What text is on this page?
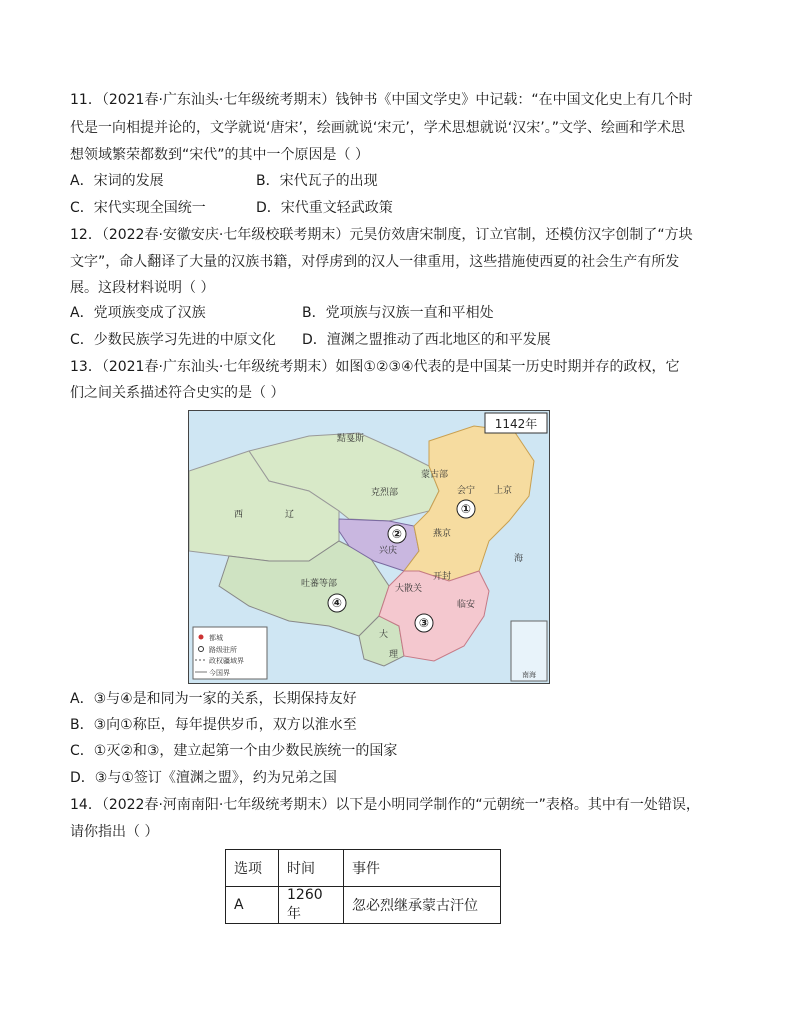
11．（2021春·广东汕头·七年级统考期末）钱钟书《中国文学史》中记载：“在中国文化史上有几个时
代是一向相提并论的，文学就说‘唐宋’，绘画就说‘宋元’，学术思想就说‘汉宋’。”文学、绘画和学术思
想领域繁荣都数到“宋代”的其中一个原因是（ ）
A．宋词的发展	B．宋代瓦子的出现
C．宋代实现全国统一	D．宋代重文轻武政策
12．（2022春·安徽安庆·七年级校联考期末）元昊仿效唐宋制度，订立官制，还模仿汉字创制了“方块
文字”，命人翻译了大量的汉族书籍，对俘虏到的汉人一律重用，这些措施使西夏的社会生产有所发
展。这段材料说明（ ）
A．党项族变成了汉族	B．党项族与汉族一直和平相处
C．少数民族学习先进的中原文化 D．澶渊之盟推动了西北地区的和平发展
13．（2021春·广东汕头·七年级统考期末）如图①②③④代表的是中国某一历史时期并存的政权，它
们之间关系描述符合史实的是（ ）
1142年
①
②
③
④
黠戛斯
西	辽
克烈部
蒙古部
会宁 上京
燕京
开封
兴庆
吐蕃等部	大散关
临安
大
理
海
都城
路级驻所
政权疆域界
今国界	南海
A．③与④是和同为一家的关系，长期保持友好
B．③向①称臣，每年提供岁币，双方以淮水至
C．①灭②和③，建立起第一个由少数民族统一的国家
D．③与①签订《澶渊之盟》，约为兄弟之国
14．（2022春·河南南阳·七年级统考期末）以下是小明同学制作的“元朝统一”表格。其中有一处错误，
请你指出（ ）
选项	时间	事件
A	1260年	忽必烈继承蒙古汗位
